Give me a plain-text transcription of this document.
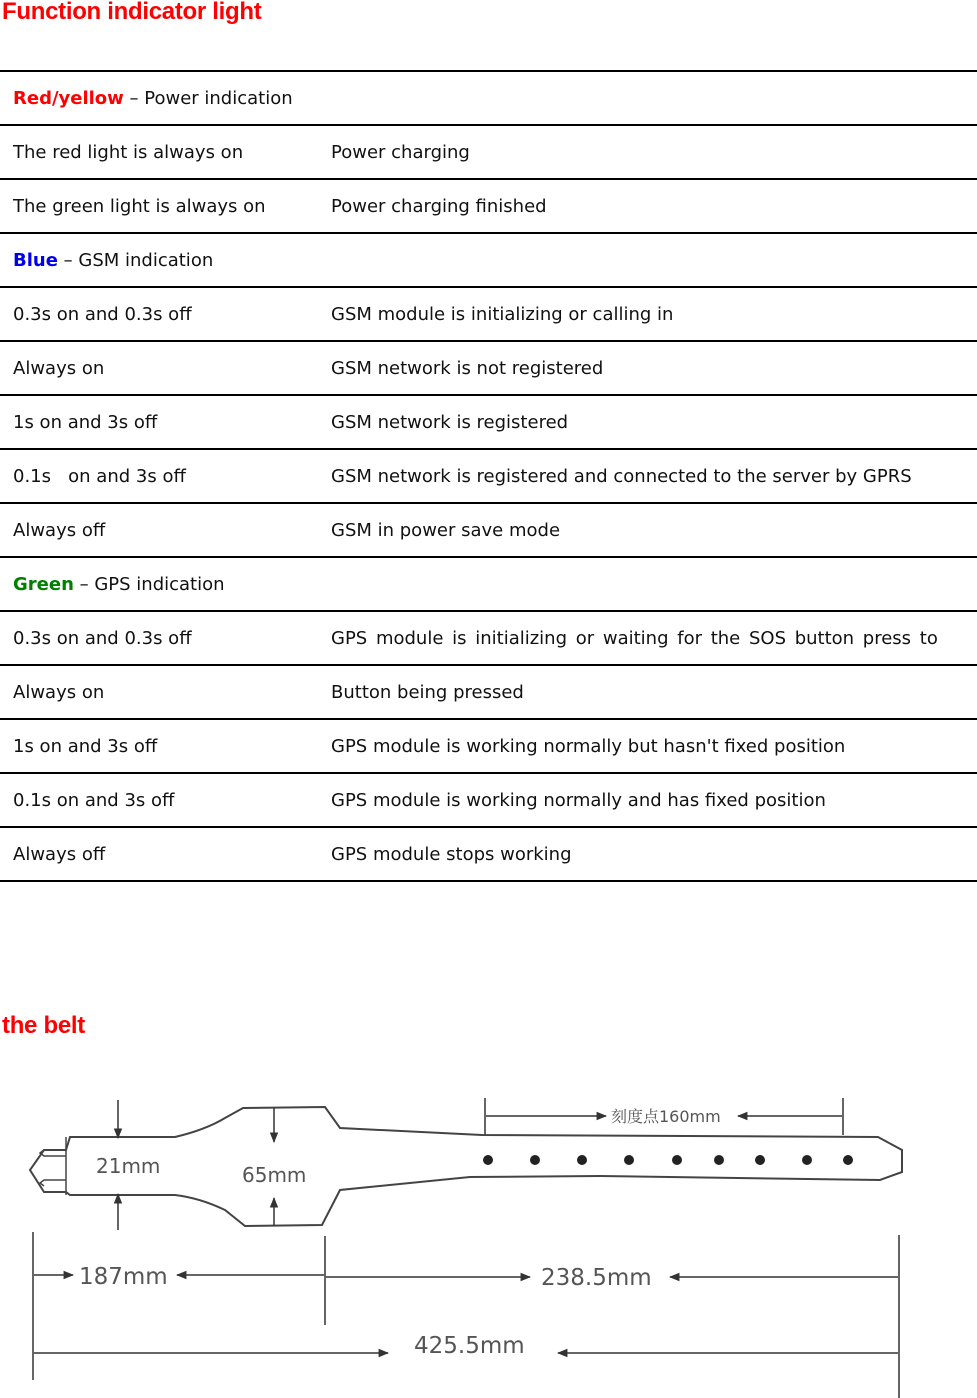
Function indicator light
Red/yellow – Power indication	
The red light is always on	Power charging
The green light is always on	Power charging finished
Blue – GSM indication	
0.3s on and 0.3s off	GSM module is initializing or calling in
Always on	GSM network is not registered
1s on and 3s off	GSM network is registered
0.1s   on and 3s off	GSM network is registered and connected to the server by GPRS
Always off	GSM in power save mode
Green – GPS indication	
0.3s on and 0.3s off	GPS module is initializing or waiting for the SOS button press to
Always on	Button being pressed
1s on and 3s off	GPS module is working normally but hasn't fixed position
0.1s on and 3s off	GPS module is working normally and has fixed position
Always off	GPS module stops working
the belt
21mm	65mm
刻度点160mm
187mm	238.5mm
425.5mm
